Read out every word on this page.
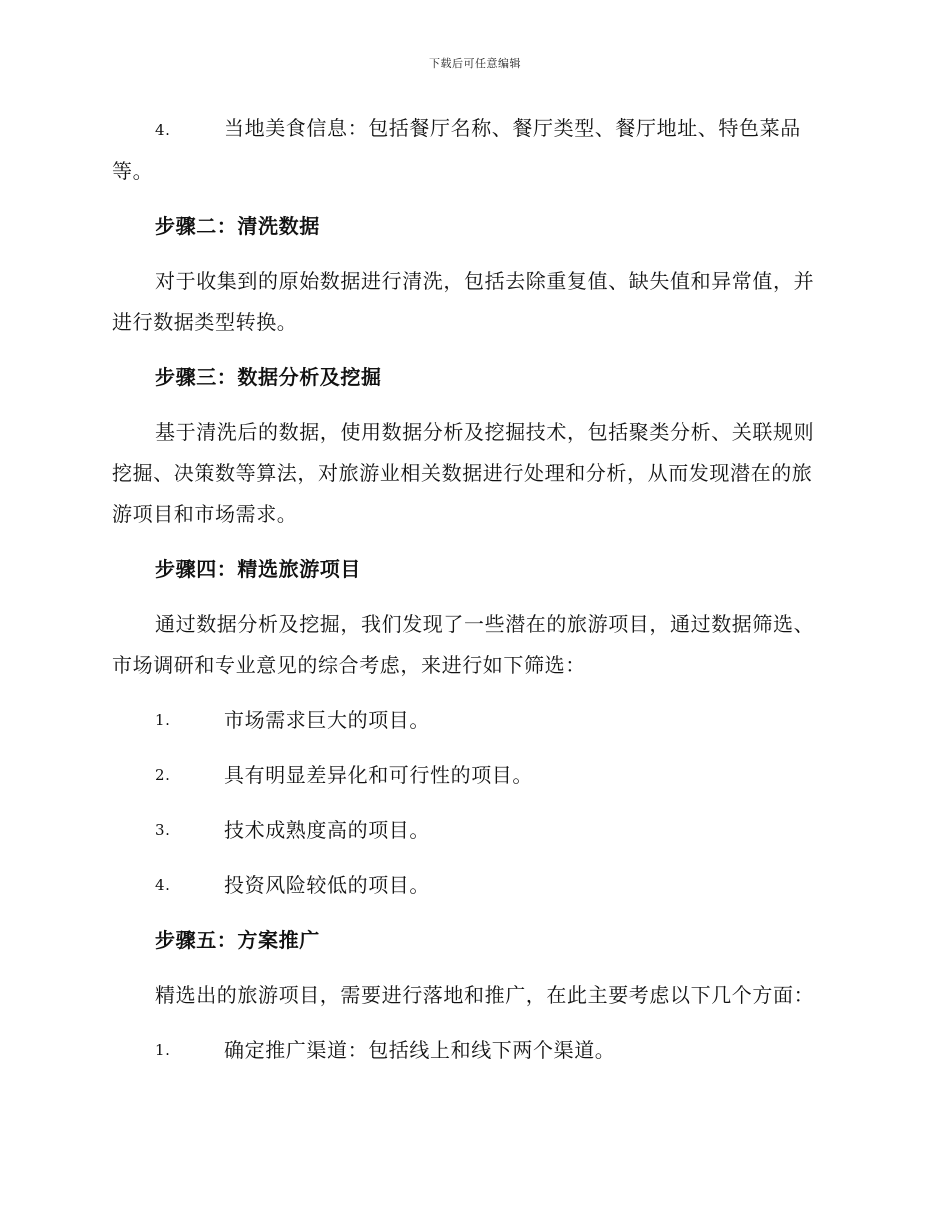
下载后可任意编辑
4.	当地美食信息：包括餐厅名称、餐厅类型、餐厅地址、特色菜品等。
步骤二：清洗数据

对于收集到的原始数据进行清洗，包括去除重复值、缺失值和异常值，并进行数据类型转换。

步骤三：数据分析及挖掘

基于清洗后的数据，使用数据分析及挖掘技术，包括聚类分析、关联规则挖掘、决策数等算法，对旅游业相关数据进行处理和分析，从而发现潜在的旅游项目和市场需求。

步骤四：精选旅游项目

通过数据分析及挖掘，我们发现了一些潜在的旅游项目，通过数据筛选、市场调研和专业意见的综合考虑，来进行如下筛选：

1.	市场需求巨大的项目。
2.	具有明显差异化和可行性的项目。
3.	技术成熟度高的项目。
4.	投资风险较低的项目。
步骤五：方案推广

精选出的旅游项目，需要进行落地和推广，在此主要考虑以下几个方面：

1.	确定推广渠道：包括线上和线下两个渠道。
